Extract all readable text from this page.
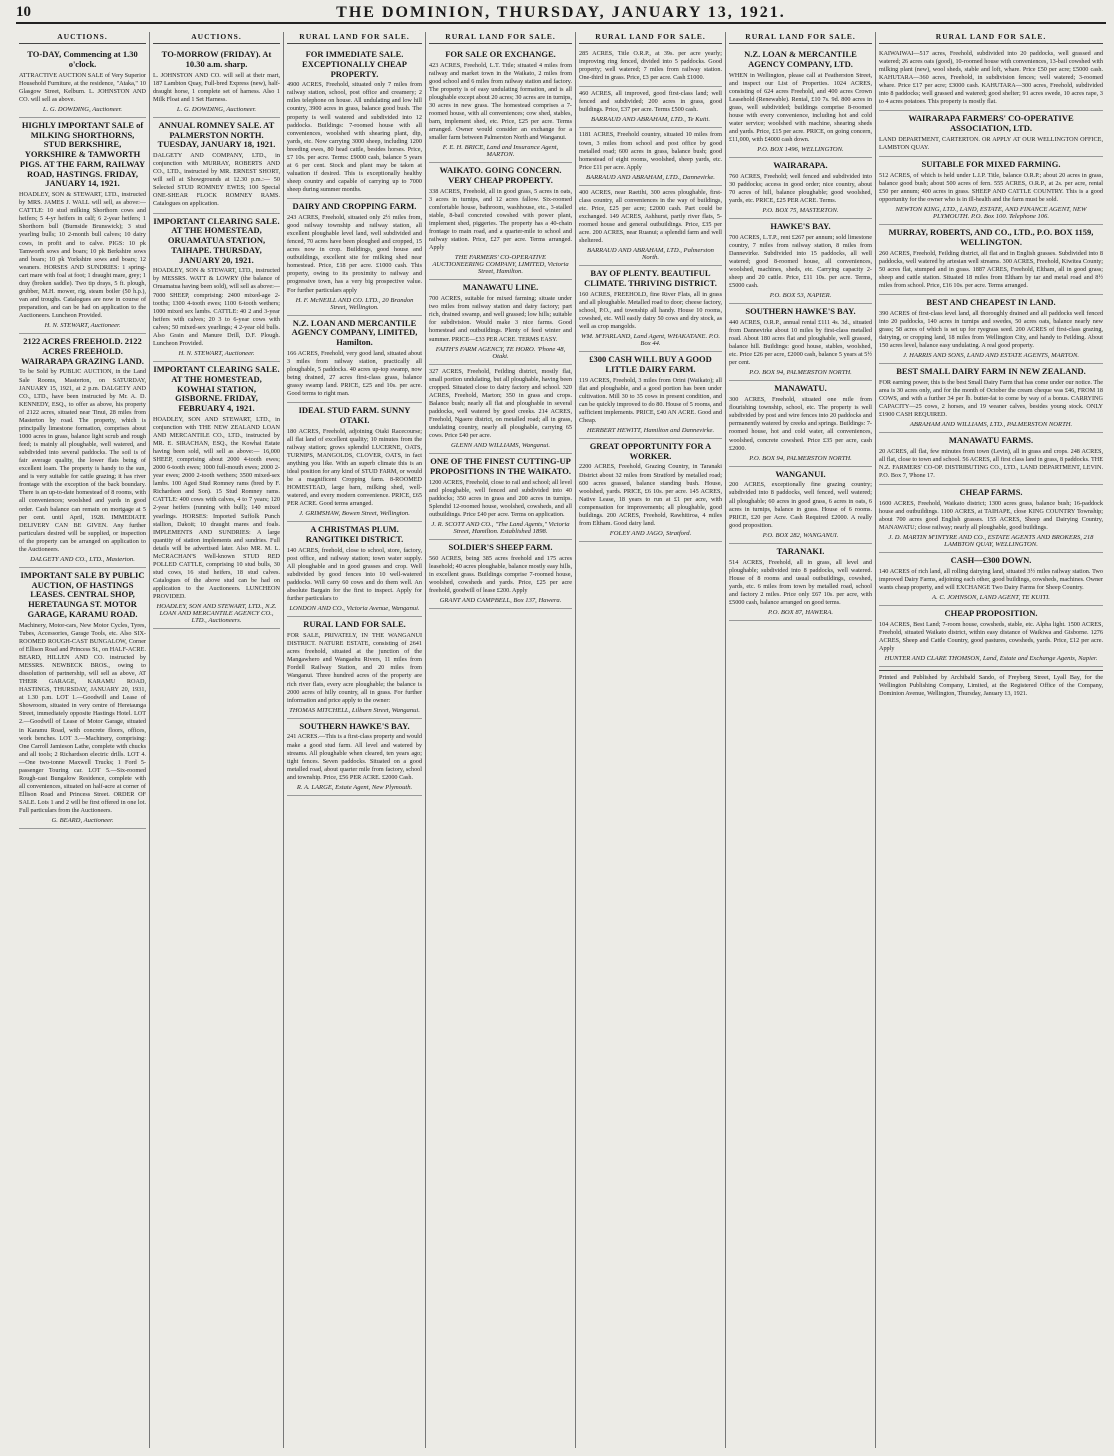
10	THE DOMINION, THURSDAY, JANUARY 13, 1921.
AUCTIONS.
TO-DAY, Commencing at 1.30 o'clock.
ATTRACTIVE AUCTION SALE of Very Superior Household Furniture, at the residence, "Ataka," 10 Glasgow Street, Kelburn. L. JOHNSTON AND CO. will sell as above.
L. G. DOWDING, Auctioneer.
HIGHLY IMPORTANT SALE of MILKING SHORTHORNS, STUD BERKSHIRE, YORKSHIRE & TAMWORTH PIGS. AT THE FARM, RAILWAY ROAD, HASTINGS. FRIDAY, JANUARY 14, 1921.
HOADLEY, SON & STEWART, LTD., instructed by MRS. JAMES J. WALL will sell, as above:— CATTLE: 10 stud milking Shorthorn cows and heifers; 5 4-yr heifers in calf; 6 2-year heifers; 1 Shorthorn bull (Burnside Brunswick); 3 stud yearling bulls; 10 2-month bull calves; 10 dairy cows, in profit and to calve. PIGS: 10 pk Tamworth sows and boars; 10 pk Berkshire sows and boars; 10 pk Yorkshire sows and boars; 12 weaners. HORSES AND SUNDRIES: 1 spring-cart mare with foal at foot; 1 draught mare, grey; 1 dray (broken saddle). Two tip drays, 5 ft. plough, grubber, M.H. mower, rig, steam boiler (50 h.p.), van and troughs. Catalogues are now in course of preparation, and can be had on application to the Auctioneers. Luncheon Provided.
H. N. STEWART, Auctioneer.
2122 ACRES FREEHOLD. 2122 ACRES FREEHOLD. WAIRARAPA GRAZING LAND.
To be Sold by PUBLIC AUCTION, in the Land Sale Rooms, Masterton, on SATURDAY, JANUARY 15, 1921, at 2 p.m. DALGETY AND CO., LTD., have been instructed by Mr. A. D. KENNEDY, ESQ., to offer as above, his property of 2122 acres, situated near Tinui, 28 miles from Masterton by road. The property, which is principally limestone formation, comprises about 1000 acres in grass, balance light scrub and rough feed; is mainly all ploughable, well watered, and subdivided into several paddocks. The soil is of fair average quality, the lower flats being of excellent loam. The property is handy to the sun, and is very suitable for cattle grazing; it has river frontage with the exception of the back boundary. There is an up-to-date homestead of 8 rooms, with all conveniences; woolshed and yards in good order. Cash balance can remain on mortgage at 5 per cent. until April, 1928. IMMEDIATE DELIVERY CAN BE GIVEN. Any further particulars desired will be supplied, or inspection of the property can be arranged on application to the Auctioneers.
DALGETY AND CO., LTD., Masterton.
IMPORTANT SALE BY PUBLIC AUCTION, OF HASTINGS LEASES. CENTRAL SHOP, HERETAUNGA ST. MOTOR GARAGE, KARAMU ROAD.
Machinery, Motor-cars, New Motor Cycles, Tyres, Tubes, Accessories, Garage Tools, etc. Also SIX-ROOMED ROUGH-CAST BUNGALOW, Corner of Ellison Road and Princess St., on HALF-ACRE. BEARD, HILLEN AND CO. instructed by MESSRS. NEWBECK BROS., owing to dissolution of partnership, will sell as above, AT THEIR GARAGE, KARAMU ROAD, HASTINGS, THURSDAY, JANUARY 20, 1931, at 1.30 p.m. LOT 1.—Goodwill and Lease of Showroom, situated in very centre of Heretaunga Street, immediately opposite Hastings Hotel. LOT 2.—Goodwill of Lease of Motor Garage, situated in Karamu Road, with concrete floors, offices, work benches. LOT 3.—Machinery, comprising: One Carroll Jamieson Lathe, complete with chucks and all tools; 2 Richardson electric drills. LOT 4.—One two-tonne Maxwell Trucks; 1 Ford 5-passenger Touring car. LOT 5.—Six-roomed Rough-cast Bungalow Residence, complete with all conveniences, situated on half-acre at corner of Ellison Road and Princess Street. ORDER OF SALE. Lots 1 and 2 will be first offered in one lot. Full particulars from the Auctioneers.
G. BEARD, Auctioneer.
AUCTIONS.
TO-MORROW (FRIDAY). At 10.30 a.m. sharp.
L. JOHNSTON AND CO. will sell at their mart, 187 Lambton Quay, Full-bred Express (new), half-draught horse, 1 complete set of harness. Also 1 Milk Float and 1 Set Harness.
L. G. DOWDING, Auctioneer.
ANNUAL ROMNEY SALE. AT PALMERSTON NORTH. TUESDAY, JANUARY 18, 1921.
DALGETY AND COMPANY, LTD., in conjunction with MURRAY, ROBERTS AND CO., LTD., instructed by MR. ERNEST SHORT, will sell at Showgrounds at 12.30 p.m.:— 50 Selected STUD ROMNEY EWES; 100 Special ONE-SHEAR FLOCK ROMNEY RAMS. Catalogues on application.
IMPORTANT CLEARING SALE. AT THE HOMESTEAD, ORUAMATUA STATION, TAIHAPE. THURSDAY, JANUARY 20, 1921.
HOADLEY, SON & STEWART, LTD., instructed by MESSRS. WATT & LOWRY (the balance of Oruamatua having been sold), will sell as above:— 7000 SHEEP, comprising: 2400 mixed-age 2-tooths; 1300 4-tooth ewes; 1100 6-tooth wethers; 1000 mixed sex lambs. CATTLE: 40 2 and 3-year heifers with calves; 20 3 to 6-year cows with calves; 50 mixed-sex yearlings; 4 2-year old bulls. Also Grain and Manure Drill, D.F. Plough. Luncheon Provided.
H. N. STEWART, Auctioneer.
IMPORTANT CLEARING SALE. AT THE HOMESTEAD, KOWHAI STATION, GISBORNE. FRIDAY, FEBRUARY 4, 1921.
HOADLEY, SON AND STEWART, LTD., in conjunction with THE NEW ZEALAND LOAN AND MERCANTILE CO., LTD., instructed by MR. E. SIRACHAN, ESQ., the Kowhai Estate having been sold, will sell as above:— 16,000 SHEEP, comprising about 2000 4-tooth ewes; 2000 6-tooth ewes; 1000 full-mouth ewes; 2000 2-year ewes; 2000 2-tooth wethers; 3500 mixed-sex lambs. 100 Aged Stud Romney rams (bred by F. Richardson and Son). 15 Stud Romney rams. CATTLE: 400 cows with calves, 4 to 7 years; 120 2-year heifers (running with bull); 140 mixed yearlings. HORSES: Imported Suffolk Punch stallion, Dakoit; 10 draught mares and foals. IMPLEMENTS AND SUNDRIES: A large quantity of station implements and sundries. Full details will be advertised later. Also MR. M. L. McCRACHAN'S Well-known STUD RED POLLED CATTLE, comprising 10 stud bulls, 30 stud cows, 16 stud heifers, 18 stud calves. Catalogues of the above stud can be had on application to the Auctioneers. LUNCHEON PROVIDED.
HOADLEY, SON AND STEWART, LTD., N.Z. LOAN AND MERCANTILE AGENCY CO., LTD., Auctioneers.
RURAL LAND FOR SALE.
FOR IMMEDIATE SALE. EXCEPTIONALLY CHEAP PROPERTY.
4900 ACRES, Freehold, situated only 7 miles from railway station, school, post office and creamery; 2 miles telephone on house. All undulating and low hill country, 3900 acres in grass, balance good bush. The property is well watered and subdivided into 12 paddocks. Buildings: 7-roomed house with all conveniences, woolshed with shearing plant, dip, yards, etc. Now carrying 3000 sheep, including 1200 breeding ewes, 80 head cattle, besides horses. Price, £7 10s. per acre. Terms: £9000 cash, balance 5 years at 6 per cent. Stock and plant may be taken at valuation if desired. This is exceptionally healthy sheep country and capable of carrying up to 7000 sheep during summer months.
DAIRY AND CROPPING FARM.
243 ACRES, Freehold, situated only 2½ miles from, good railway township and railway station, all excellent ploughable level land, well subdivided and fenced, 70 acres have been ploughed and cropped, 15 acres now in crop. Buildings, good house and outbuildings, excellent site for milking shed near homestead. Price, £18 per acre. £1000 cash. This property, owing to its proximity to railway and progressive town, has a very big prospective value. For further particulars apply
H. F. McNEILL AND CO. LTD., 20 Brandon Street, Wellington.
N.Z. LOAN AND MERCANTILE AGENCY COMPANY, LIMITED, Hamilton.
166 ACRES, Freehold, very good land, situated about 3 miles from railway station, practically all ploughable, 5 paddocks. 40 acres up-top swamp, now being drained, 27 acres first-class grass, balance grassy swamp land. PRICE, £25 and 10s. per acre. Good terms to right man.
IDEAL STUD FARM. SUNNY OTAKI.
180 ACRES, Freehold, adjoining Otaki Racecourse; all flat land of excellent quality; 10 minutes from the railway station; grows splendid LUCERNE, OATS, TURNIPS, MANGOLDS, CLOVER, OATS, in fact anything you like. With an superb climate this is an ideal position for any kind of STUD FARM, or would be a magnificent Cropping farm. 8-ROOMED HOMESTEAD, large barn, milking shed, well-watered, and every modern convenience. PRICE, £65 PER ACRE. Good terms arranged.
J. GRIMSHAW, Bowen Street, Wellington.
A CHRISTMAS PLUM. RANGITIKEI DISTRICT.
140 ACRES, freehold, close to school, store, factory, post office, and railway station; town water supply. All ploughable and in good grasses and crop. Well subdivided by good fences into 10 well-watered paddocks. Will carry 60 cows and do them well. An absolute Bargain for the first to inspect. Apply for further particulars to
LONDON AND CO., Victoria Avenue, Wanganui.
RURAL LAND FOR SALE.
FOR SALE, PRIVATELY, IN THE WANGANUI DISTRICT. NATURE ESTATE, consisting of 2641 acres freehold, situated at the junction of the Mangawhero and Wangaehu Rivers, 11 miles from Fordell Railway Station, and 20 miles from Wanganui. Three hundred acres of the property are rich river flats, every acre ploughable; the balance is 2000 acres of hilly country, all in grass. For further information and price apply to the owner:
THOMAS MITCHELL, Lilburn Street, Wanganui.
SOUTHERN HAWKE'S BAY.
241 ACRES.—This is a first-class property and would make a good stud farm. All level and watered by streams. All ploughable when cleared, ten years ago; tight fences. Seven paddocks. Situated on a good metalled road, about quarter mile from factory, school and township. Price, £56 PER ACRE. £2000 Cash.
R. A. LARGE, Estate Agent, New Plymouth.
RURAL LAND FOR SALE.
FOR SALE OR EXCHANGE.
423 ACRES, Freehold, L.T. Title; situated 4 miles from railway and market town in the Waikato, 2 miles from good school and 6 miles from railway station and factory. The property is of easy undulating formation, and is all ploughable except about 20 acres; 30 acres are in turnips, 30 acres in new grass. The homestead comprises a 7-roomed house, with all conveniences; cow shed, stables, barn, implement shed, etc. Price, £25 per acre. Terms arranged. Owner would consider an exchange for a smaller farm between Palmerston North and Wanganui.
F. E. H. BRICE, Land and Insurance Agent, MARTON.
WAIKATO. GOING CONCERN. VERY CHEAP PROPERTY.
338 ACRES, Freehold, all in good grass, 5 acres in oats, 3 acres in turnips, and 12 acres fallow. Six-roomed comfortable house, bathroom, washhouse, etc., 3-stalled stable, 8-bail concreted cowshed with power plant, implement shed, piggeries. The property has a 40-chain frontage to main road, and a quarter-mile to school and railway station. Price, £27 per acre. Terms arranged. Apply
THE FARMERS' CO-OPERATIVE AUCTIONEERING COMPANY, LIMITED, Victoria Street, Hamilton.
MANAWATU LINE.
700 ACRES, suitable for mixed farming; situate under two miles from railway station and dairy factory; part rich, drained swamp, and well grassed; low hills; suitable for subdivision. Would make 3 nice farms. Good homestead and outbuildings. Plenty of feed winter and summer. PRICE—£33 PER ACRE. TERMS EASY.
FAITH'S FARM AGENCY, TE HORO. 'Phone 48, Otaki.
327 ACRES, Freehold, Feilding district, mostly flat, small portion undulating, but all ploughable, having been cropped. Situated close to dairy factory and school. 320 ACRES, Freehold, Marton; 350 in grass and crops. Balance bush; nearly all flat and ploughable in several paddocks, well watered by good creeks. 214 ACRES, Freehold, Ngaere district, on metalled road; all in grass, undulating country, nearly all ploughable, carrying 65 cows. Price £40 per acre.
GLENN AND WILLIAMS, Wanganui.
ONE OF THE FINEST CUTTING-UP PROPOSITIONS IN THE WAIKATO.
1200 ACRES, Freehold, close to rail and school; all level and ploughable, well fenced and subdivided into 40 paddocks; 350 acres in grass and 200 acres in turnips. Splendid 12-roomed house, woolshed, cowsheds, and all outbuildings. Price £40 per acre. Terms on application.
J. R. SCOTT AND CO., "The Land Agents," Victoria Street, Hamilton. Established 1898.
SOLDIER'S SHEEP FARM.
560 ACRES, being 385 acres freehold and 175 acres leasehold; 40 acres ploughable, balance mostly easy hills, in excellent grass. Buildings comprise 7-roomed house, woolshed, cowsheds and yards. Price, £25 per acre freehold, goodwill of lease £200. Apply
GRANT AND CAMPBELL, Box 137, Hawera.
RURAL LAND FOR SALE.
285 ACRES, Title O.R.P., at 39s. per acre yearly; improving ring fenced, divided into 5 paddocks. Good property; well watered; 7 miles from railway station. One-third in grass. Price, £3 per acre. Cash £1000.
460 ACRES, all improved, good first-class land; well fenced and subdivided; 200 acres in grass, good buildings. Price, £37 per acre. Terms £500 cash.
BARRAUD AND ABRAHAM, LTD., Te Kuiti.
1181 ACRES, Freehold country, situated 10 miles from town, 3 miles from school and post office by good metalled road; 600 acres in grass, balance bush; good homestead of eight rooms, woolshed, sheep yards, etc. Price £11 per acre. Apply
BARRAUD AND ABRAHAM, LTD., Dannevirke.
400 ACRES, near Raetihi, 300 acres ploughable, first-class country, all conveniences in the way of buildings, etc. Price, £25 per acre; £2000 cash. Part could be exchanged. 149 ACRES, Ashhurst, partly river flats, 5-roomed house and general outbuildings. Price, £35 per acre. 200 ACRES, near Ruanui; a splendid farm and well sheltered.
BARRAUD AND ABRAHAM, LTD., Palmerston North.
BAY OF PLENTY. BEAUTIFUL CLIMATE. THRIVING DISTRICT.
160 ACRES, FREEHOLD, fine River Flats, all in grass and all ploughable. Metalled road to door; cheese factory, school, P.O., and township all handy. House 10 rooms, cowshed, etc. Will easily dairy 50 cows and dry stock, as well as crop mangolds.
WM. M'FARLAND, Land Agent, WHAKATANE. P.O. Box 44.
£300 CASH WILL BUY A GOOD LITTLE DAIRY FARM.
119 ACRES, Freehold, 3 miles from Orini (Waikato); all flat and ploughable, and a good portion has been under cultivation. Mill 30 to 35 cows in present condition, and can be quickly improved to do 80. House of 5 rooms, and sufficient implements. PRICE, £40 AN ACRE. Good and Cheap.
HERBERT HEWITT, Hamilton and Dannevirke.
GREAT OPPORTUNITY FOR A WORKER.
2200 ACRES, Freehold, Grazing Country, in Taranaki District about 32 miles from Stratford by metalled road; 600 acres grassed, balance standing bush. House, woolshed, yards. PRICE, £6 10s. per acre. 145 ACRES, Native Lease, 18 years to run at £1 per acre, with compensation for improvements; all ploughable, good buildings. 200 ACRES, Freehold, Rawhitiroa, 4 miles from Eltham. Good dairy land.
FOLEY AND JAGO, Stratford.
RURAL LAND FOR SALE.
N.Z. LOAN & MERCANTILE AGENCY COMPANY, LTD.
WHEN in Wellington, please call at Featherston Street, and inspect our List of Properties. 1024 ACRES, consisting of 624 acres Freehold, and 400 acres Crown Leasehold (Renewable). Rental, £10 7s. 9d. 800 acres in grass, well subdivided; buildings comprise 8-roomed house with every convenience, including hot and cold water service; woolshed with machine, shearing sheds and yards. Price, £15 per acre. PRICE, on going concern, £11,000, with £4000 cash down.
P.O. BOX 1496, WELLINGTON.
WAIRARAPA.
760 ACRES, Freehold; well fenced and subdivided into 30 paddocks; access in good order; nice country, about 70 acres of hill, balance ploughable; good woolshed, yards, etc. PRICE, £25 PER ACRE. Terms.
P.O. BOX 75, MASTERTON.
HAWKE'S BAY.
700 ACRES, L.T.P., rent £267 per annum; sold limestone country, 7 miles from railway station, 8 miles from Dannevirke. Subdivided into 15 paddocks, all well watered; good 8-roomed house, all conveniences, woolshed, machines, sheds, etc. Carrying capacity 2-sheep and 20 cattle. Price, £11 10s. per acre. Terms, £5000 cash.
P.O. BOX 53, NAPIER.
SOUTHERN HAWKE'S BAY.
440 ACRES, O.R.P., annual rental £111 4s. 3d., situated from Dannevirke about 10 miles by first-class metalled road. About 180 acres flat and ploughable, well grassed, balance hill. Buildings: good house, stables, woolshed, etc. Price £26 per acre, £2000 cash, balance 5 years at 5½ per cent.
P.O. BOX 94, PALMERSTON NORTH.
MANAWATU.
300 ACRES, Freehold, situated one mile from flourishing township, school, etc. The property is well subdivided by post and wire fences into 20 paddocks and permanently watered by creeks and springs. Buildings: 7-roomed house, hot and cold water, all conveniences, woolshed, concrete cowshed. Price £35 per acre, cash £2000.
P.O. BOX 94, PALMERSTON NORTH.
WANGANUI.
200 ACRES, exceptionally fine grazing country; subdivided into 8 paddocks, well fenced, well watered; all ploughable; 60 acres in good grass, 6 acres in oats, 6 acres in turnips, balance in grass. House of 6 rooms. PRICE, £20 per Acre. Cash Required £2000. A really good proposition.
P.O. BOX 282, WANGANUI.
TARANAKI.
514 ACRES, Freehold, all in grass, all level and ploughable; subdivided into 8 paddocks, well watered. House of 8 rooms and usual outbuildings, cowshed, yards, etc. 6 miles from town by metalled road, school and factory 2 miles. Price only £67 10s. per acre, with £5000 cash, balance arranged on good terms.
P.O. BOX 87, HAWERA.
RURAL LAND FOR SALE.
KAIWAIWAI—517 acres, Freehold, subdivided into 20 paddocks, well grassed and watered; 26 acres oats (good), 10-roomed house with conveniences, 13-bail cowshed with milking plant (new), wool sheds, stable and loft, whare. Price £50 per acre; £5000 cash. KAHUTARA—360 acres, Freehold, in subdivision fences; well watered; 3-roomed whare. Price £17 per acre; £3000 cash. KAHUTARA—300 acres, Freehold, subdivided into 8 paddocks; well grassed and watered; good shelter; 91 acres swede, 10 acres rape, 3 to 4 acres potatoes. This property is mostly flat.
WAIRARAPA FARMERS' CO-OPERATIVE ASSOCIATION, LTD.
LAND DEPARTMENT, CARTERTON. OR APPLY AT OUR WELLINGTON OFFICE, LAMBTON QUAY.
SUITABLE FOR MIXED FARMING.
512 ACRES, of which is held under L.I.P. Title, balance O.R.P.; about 20 acres in grass, balance good bush; about 500 acres of fern. 555 ACRES, O.R.P., at 2s. per acre, rental £50 per annum; 400 acres in grass. SHEEP AND CATTLE COUNTRY. This is a good opportunity for the owner who is in ill-health and the farm must be sold.
NEWTON KING, LTD., LAND, ESTATE, AND FINANCE AGENT, NEW PLYMOUTH. P.O. Box 100. Telephone 106.
MURRAY, ROBERTS, AND CO., LTD., P.O. BOX 1159, WELLINGTON.
260 ACRES, Freehold, Feilding district, all flat and in English grasses. Subdivided into 8 paddocks, well watered by artesian well streams. 300 ACRES, Freehold, Kiwitea County; 50 acres flat, stumped and in grass. 1887 ACRES, Freehold, Eltham, all in good grass; sheep and cattle station. Situated 18 miles from Eltham by tar and metal road and 8½ miles from school. Price, £16 10s. per acre. Terms arranged.
BEST AND CHEAPEST IN LAND.
390 ACRES of first-class level land, all thoroughly drained and all paddocks well fenced into 20 paddocks, 140 acres in turnips and swedes, 50 acres oats, balance nearly new grass; 58 acres of which is set up for ryegrass seed. 200 ACRES of first-class grazing, dairying, or cropping land, 18 miles from Wellington City, and handy to Feilding. About 150 acres level, balance easy undulating. A real good property.
J. HARRIS AND SONS, LAND AND ESTATE AGENTS, MARTON.
BEST SMALL DAIRY FARM IN NEW ZEALAND.
FOR earning power, this is the best Small Dairy Farm that has come under our notice. The area is 30 acres only, and for the month of October the cream cheque was £46, FROM 18 COWS, and with a further 34 per lb. butter-fat to come by way of a bonus. CARRYING CAPACITY—25 cows, 2 horses, and 19 weaner calves, besides young stock. ONLY £1900 CASH REQUIRED.
ABRAHAM AND WILLIAMS, LTD., PALMERSTON NORTH.
MANAWATU FARMS.
20 ACRES, all flat, few minutes from town (Levin), all in grass and crops. 248 ACRES, all flat, close to town and school. 56 ACRES, all first class land in grass, 8 paddocks. THE N.Z. FARMERS' CO-OP. DISTRIBUTING CO., LTD., LAND DEPARTMENT, LEVIN. P.O. Box 7, 'Phone 17.
CHEAP FARMS.
1600 ACRES, Freehold, Waikato district; 1300 acres grass, balance bush; 16-paddock house and outbuildings. 1100 ACRES, at TAIHAPE, close KING COUNTRY Township; about 700 acres good English grasses. 155 ACRES, Sheep and Dairying Country, MANAWATU; close railway; nearly all ploughable, good buildings.
J. D. MARTIN M'INTYRE AND CO., ESTATE AGENTS AND BROKERS, 218 LAMBTON QUAY, WELLINGTON.
CASH—£300 DOWN.
140 ACRES of rich land, all rolling dairying land, situated 3½ miles railway station. Two improved Dairy Farms, adjoining each other, good buildings, cowsheds, machines. Owner wants cheap property, and will EXCHANGE Two Dairy Farms for Sheep Country.
A. C. JOHNSON, LAND AGENT, TE KUITI.
CHEAP PROPOSITION.
104 ACRES, Best Land; 7-room house, cowsheds, stable, etc. Alpha light. 1500 ACRES, Freehold, situated Waikato district, within easy distance of Waikiwa and Gisborne. 1276 ACRES, Sheep and Cattle Country, good pastures, cowsheds, yards. Price, £12 per acre. Apply
HUNTER AND CLARE THOMSON, Land, Estate and Exchange Agents, Napier.
Printed and Published by Archibald Sando, of Freyberg Street, Lyall Bay, for the Wellington Publishing Company, Limited, at the Registered Office of the Company, Dominion Avenue, Wellington, Thursday, January 13, 1921.
